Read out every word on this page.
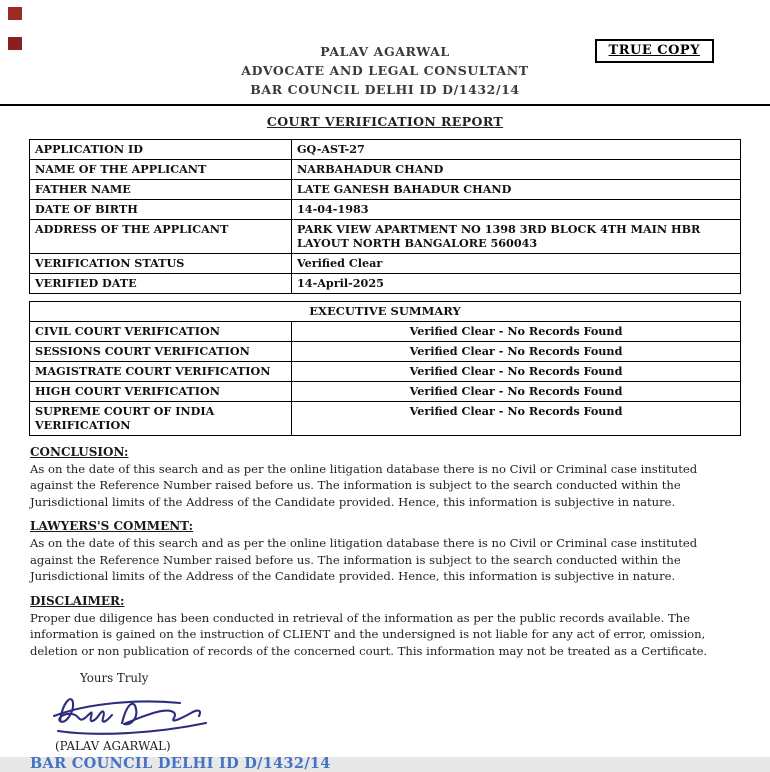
TRUE COPY
PALAV AGARWAL
ADVOCATE AND LEGAL CONSULTANT
BAR COUNCIL DELHI ID D/1432/14
COURT VERIFICATION REPORT
APPLICATION ID	GQ-AST-27
NAME OF THE APPLICANT	NARBAHADUR CHAND
FATHER NAME	LATE GANESH BAHADUR CHAND
DATE OF BIRTH	14-04-1983
ADDRESS OF THE APPLICANT	PARK VIEW APARTMENT NO 1398 3RD BLOCK 4TH MAIN HBR LAYOUT NORTH BANGALORE 560043
VERIFICATION STATUS	Verified Clear
VERIFIED DATE	14-April-2025
EXECUTIVE SUMMARY	
CIVIL COURT VERIFICATION	Verified Clear - No Records Found
SESSIONS COURT VERIFICATION	Verified Clear - No Records Found
MAGISTRATE COURT VERIFICATION	Verified Clear - No Records Found
HIGH COURT VERIFICATION	Verified Clear - No Records Found
SUPREME COURT OF INDIA VERIFICATION	Verified Clear - No Records Found
CONCLUSION:
As on the date of this search and as per the online litigation database there is no Civil or Criminal case instituted against the Reference Number raised before us. The information is subject to the search conducted within the Jurisdictional limits of the Address of the Candidate provided. Hence, this information is subjective in nature.
LAWYERS'S COMMENT:
As on the date of this search and as per the online litigation database there is no Civil or Criminal case instituted against the Reference Number raised before us. The information is subject to the search conducted within the Jurisdictional limits of the Address of the Candidate provided. Hence, this information is subjective in nature.
DISCLAIMER:
Proper due diligence has been conducted in retrieval of the information as per the public records available. The information is gained on the instruction of CLIENT and the undersigned is not liable for any act of error, omission, deletion or non publication of records of the concerned court. This information may not be treated as a Certificate.
Yours Truly
(PALAV AGARWAL)
BAR COUNCIL DELHI ID D/1432/14
